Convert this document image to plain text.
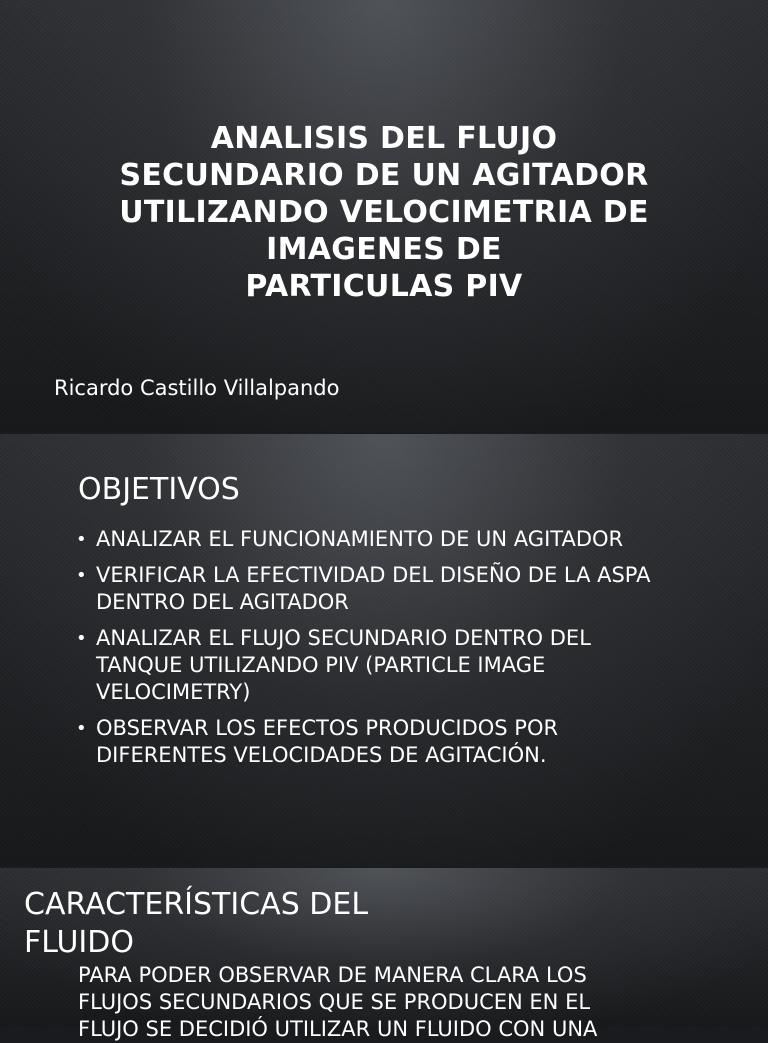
ANALISIS DEL FLUJO
SECUNDARIO DE UN AGITADOR
UTILIZANDO VELOCIMETRIA DE
IMAGENES DE
PARTICULAS PIV
Ricardo Castillo Villalpando
OBJETIVOS
• ANALIZAR EL FUNCIONAMIENTO DE UN AGITADOR
• VERIFICAR LA EFECTIVIDAD DEL DISEÑO DE LA ASPA
DENTRO DEL AGITADOR
• ANALIZAR EL FLUJO SECUNDARIO DENTRO DEL
TANQUE UTILIZANDO PIV (PARTICLE IMAGE
VELOCIMETRY)
• OBSERVAR LOS EFECTOS PRODUCIDOS POR
DIFERENTES VELOCIDADES DE AGITACIÓN.
CARACTERÍSTICAS DEL
FLUIDO
PARA PODER OBSERVAR DE MANERA CLARA LOS
FLUJOS SECUNDARIOS QUE SE PRODUCEN EN EL
FLUJO SE DECIDIÓ UTILIZAR UN FLUIDO CON UNA
